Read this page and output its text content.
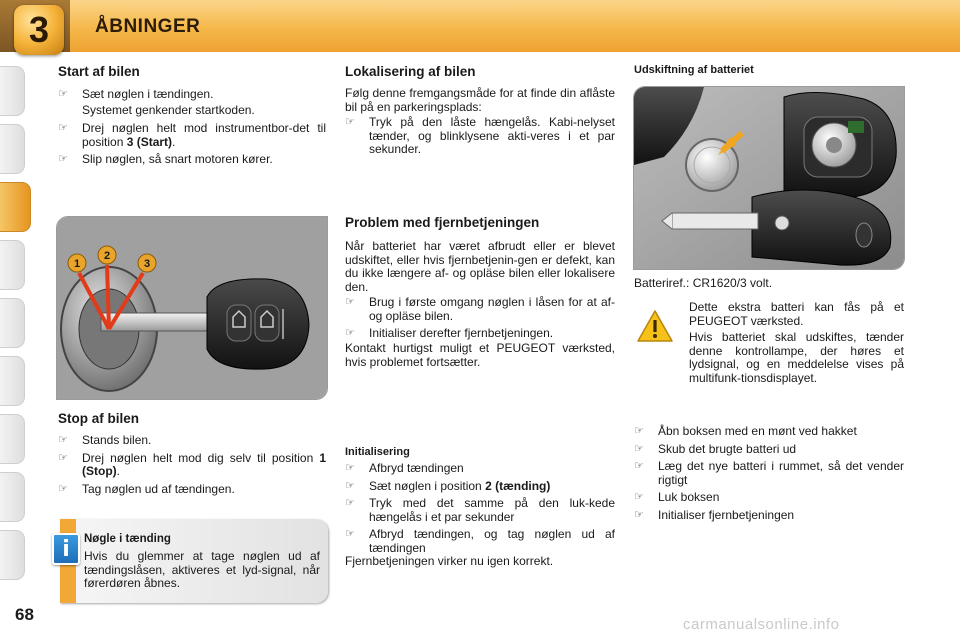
3	ÅBNINGER
Start af bilen
☞ Sæt nøglen i tændingen.
Systemet genkender startkoden.
☞ Drej nøglen helt mod instrumentbor-det til position 3 (Start).
☞ Slip nøglen, så snart motoren kører.
1
2
3
Stop af bilen
☞ Stands bilen.
☞ Drej nøglen helt mod dig selv til position 1 (Stop).
☞ Tag nøglen ud af tændingen.
i	Nøgle i tænding
Hvis du glemmer at tage nøglen ud af tændingslåsen, aktiveres et lyd-signal, når førerdøren åbnes.
Lokalisering af bilen
Følg denne fremgangsmåde for at finde din aflåste bil på en parkeringsplads:
☞ Tryk på den låste hængelås. Kabi-nelyset tænder, og blinklysene akti-veres i et par sekunder.
Problem med fjernbetjeningen
Når batteriet har været afbrudt eller er blevet udskiftet, eller hvis fjernbetjenin-gen er defekt, kan du ikke længere af- og opläse bilen eller lokalisere den.
☞ Brug i første omgang nøglen i låsen for at af- og opläse bilen.
☞ Initialiser derefter fjernbetjeningen.
Kontakt hurtigst muligt et PEUGEOT værksted, hvis problemet fortsætter.
Initialisering
☞ Afbryd tændingen
☞ Sæt nøglen i position 2 (tænding)
☞ Tryk med det samme på den luk-kede hængelås i et par sekunder
☞ Afbryd tændingen, og tag nøglen ud af tændingen
Fjernbetjeningen virker nu igen korrekt.
Udskiftning af batteriet
Batteriref.: CR1620/3 volt.
Dette ekstra batteri kan fås på et PEUGEOT værksted.
Hvis batteriet skal udskiftes, tænder denne kontrollampe, der høres et lydsignal, og en meddelelse vises på multifunk-tionsdisplayet.
☞ Åbn boksen med en mønt ved hakket
☞ Skub det brugte batteri ud
☞ Læg det nye batteri i rummet, så det vender rigtigt
☞ Luk boksen
☞ Initialiser fjernbetjeningen
68
carmanualsonline.info
